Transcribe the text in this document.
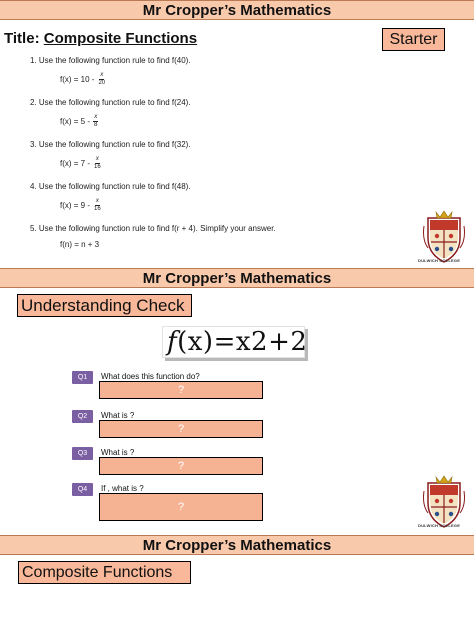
Mr Cropper’s Mathematics
Title: Composite Functions	Starter
1. Use the following function rule to find f(40).
$f(x) = 10 - \frac{x}{20}$
2. Use the following function rule to find f(24).
$f(x) = 5 - \frac{x}{8}$
3. Use the following function rule to find f(32).
$f(x) = 7 - \frac{x}{16}$
4. Use the following function rule to find f(48).
$f(x) = 9 - \frac{x}{16}$
5. Use the following function rule to find f(r + 4). Simplify your answer.
f(n) = n + 3
DULWICH COLLEGE
Mr Cropper’s Mathematics
Understanding Check
f (x)=x2+2
Q1	What does this function do?
?
Q2	What is ?
?
Q3	What is ?
?
Q4	If , what is ?
?
DULWICH COLLEGE
Mr Cropper’s Mathematics
Composite Functions
